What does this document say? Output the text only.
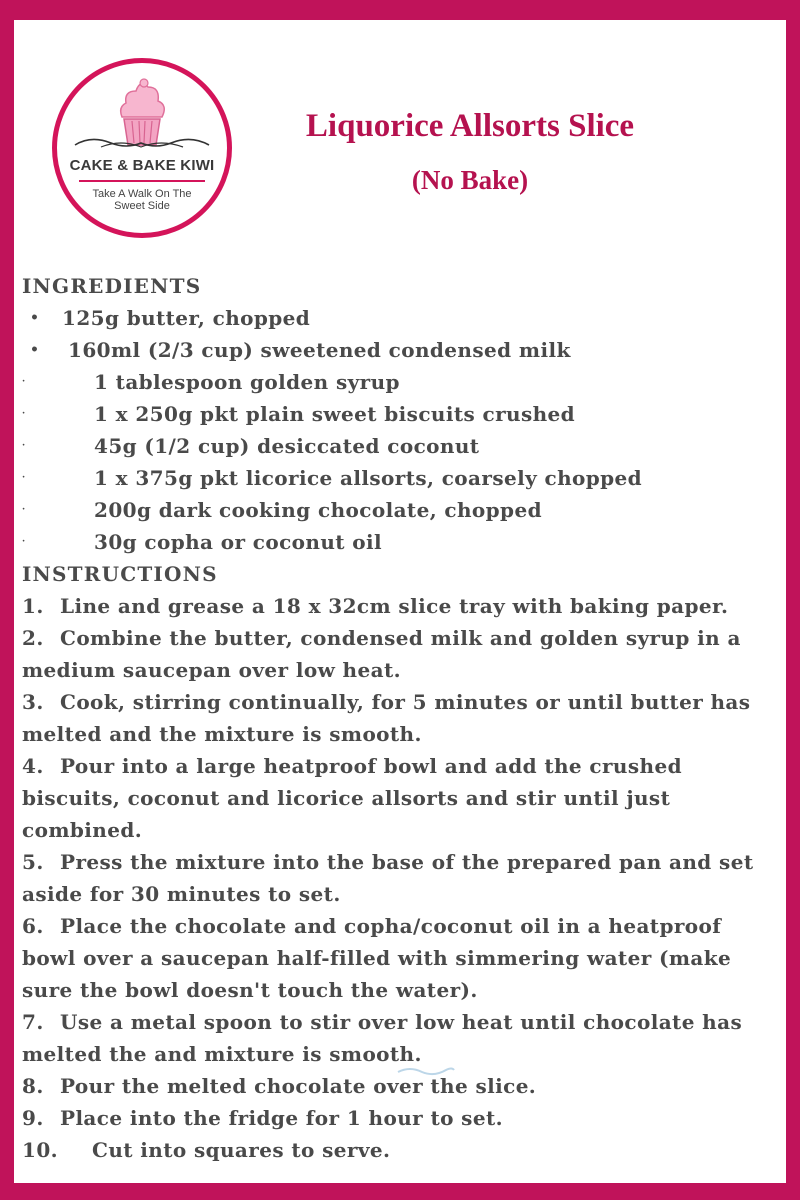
CAKE & BAKE KIWI
Take A Walk On The
Sweet Side
Liquorice Allsorts Slice
(No Bake)
INGREDIENTS
• 125g butter, chopped
• 160ml (2/3 cup) sweetened condensed milk
·	1 tablespoon golden syrup
·	1 x 250g pkt plain sweet biscuits crushed
·	45g (1/2 cup) desiccated coconut
·	1 x 375g pkt licorice allsorts, coarsely chopped
·	200g dark cooking chocolate, chopped
·	30g copha or coconut oil
INSTRUCTIONS
1. Line and grease a 18 x 32cm slice tray with baking paper.
2. Combine the butter, condensed milk and golden syrup in a medium saucepan over low heat.
3. Cook, stirring continually, for 5 minutes or until butter has melted and the mixture is smooth.
4. Pour into a large heatproof bowl and add the crushed biscuits, coconut and licorice allsorts and stir until just combined.
5. Press the mixture into the base of the prepared pan and set aside for 30 minutes to set.
6. Place the chocolate and copha/coconut oil in a heatproof bowl over a saucepan half-filled with simmering water (make sure the bowl doesn't touch the water).
7. Use a metal spoon to stir over low heat until chocolate has melted the and mixture is smooth.
8. Pour the melted chocolate over the slice.
9. Place into the fridge for 1 hour to set.
10. Cut into squares to serve.
